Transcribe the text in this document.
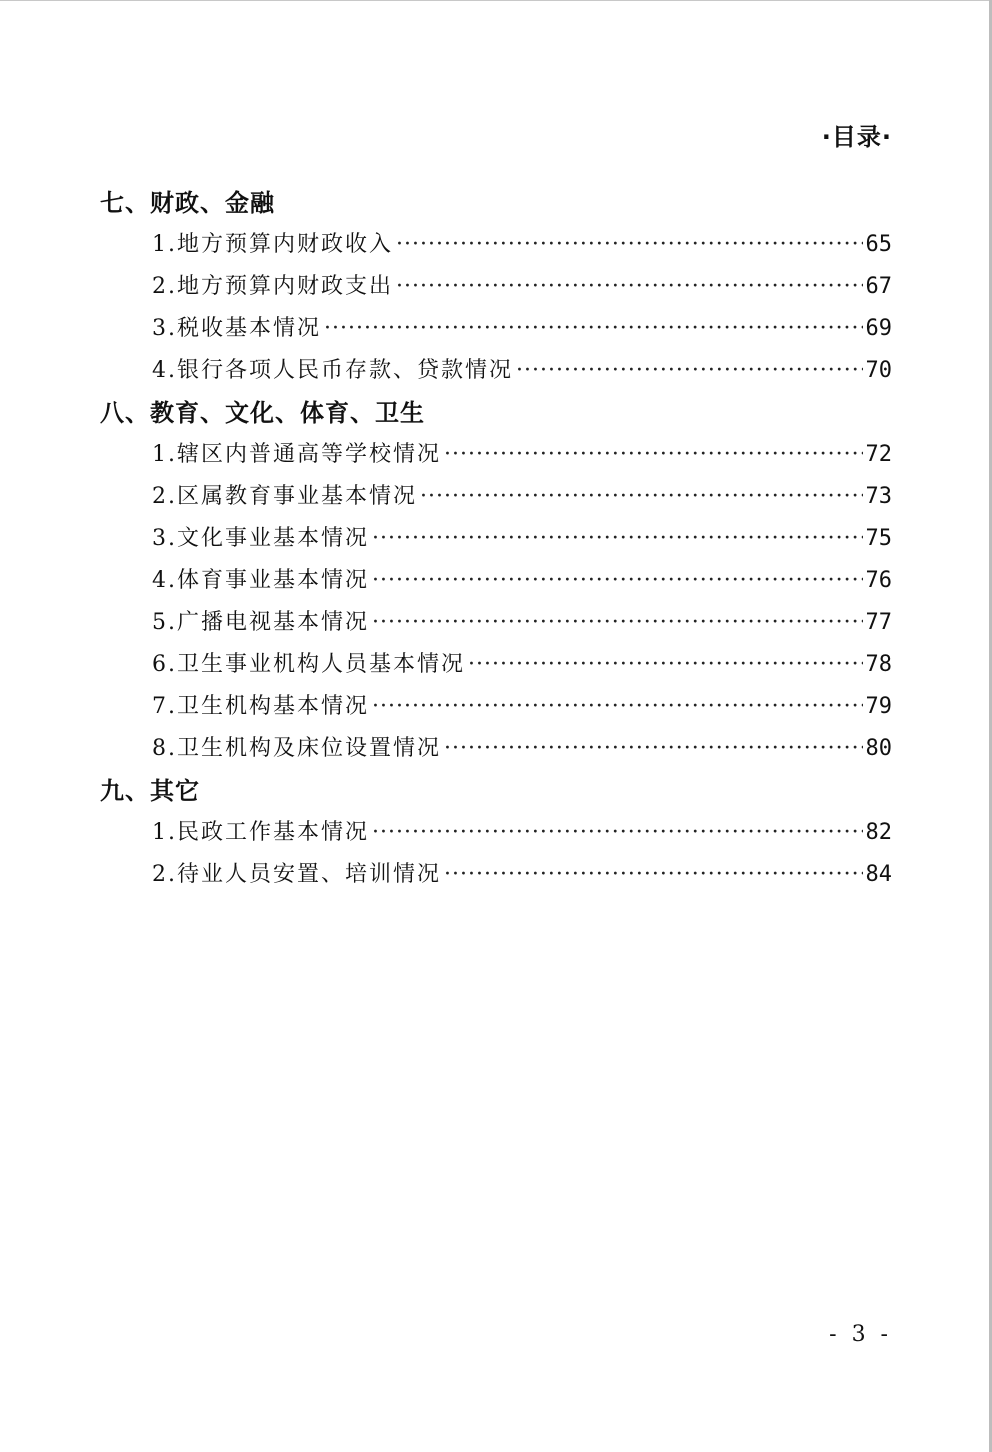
·目录·
七、财政、金融
1.地方预算内财政收入 ·····	65
2.地方预算内财政支出 ·····	67
3.税收基本情况 ·····	69
4.银行各项人民币存款、贷款情况 ·····	70
八、教育、文化、体育、卫生
1.辖区内普通高等学校情况 ·····	72
2.区属教育事业基本情况 ·····	73
3.文化事业基本情况 ·····	75
4.体育事业基本情况 ·····	76
5.广播电视基本情况 ·····	77
6.卫生事业机构人员基本情况 ·····	78
7.卫生机构基本情况 ·····	79
8.卫生机构及床位设置情况 ·····	80
九、其它
1.民政工作基本情况 ·····	82
2.待业人员安置、培训情况 ·····	84
- 3 -
